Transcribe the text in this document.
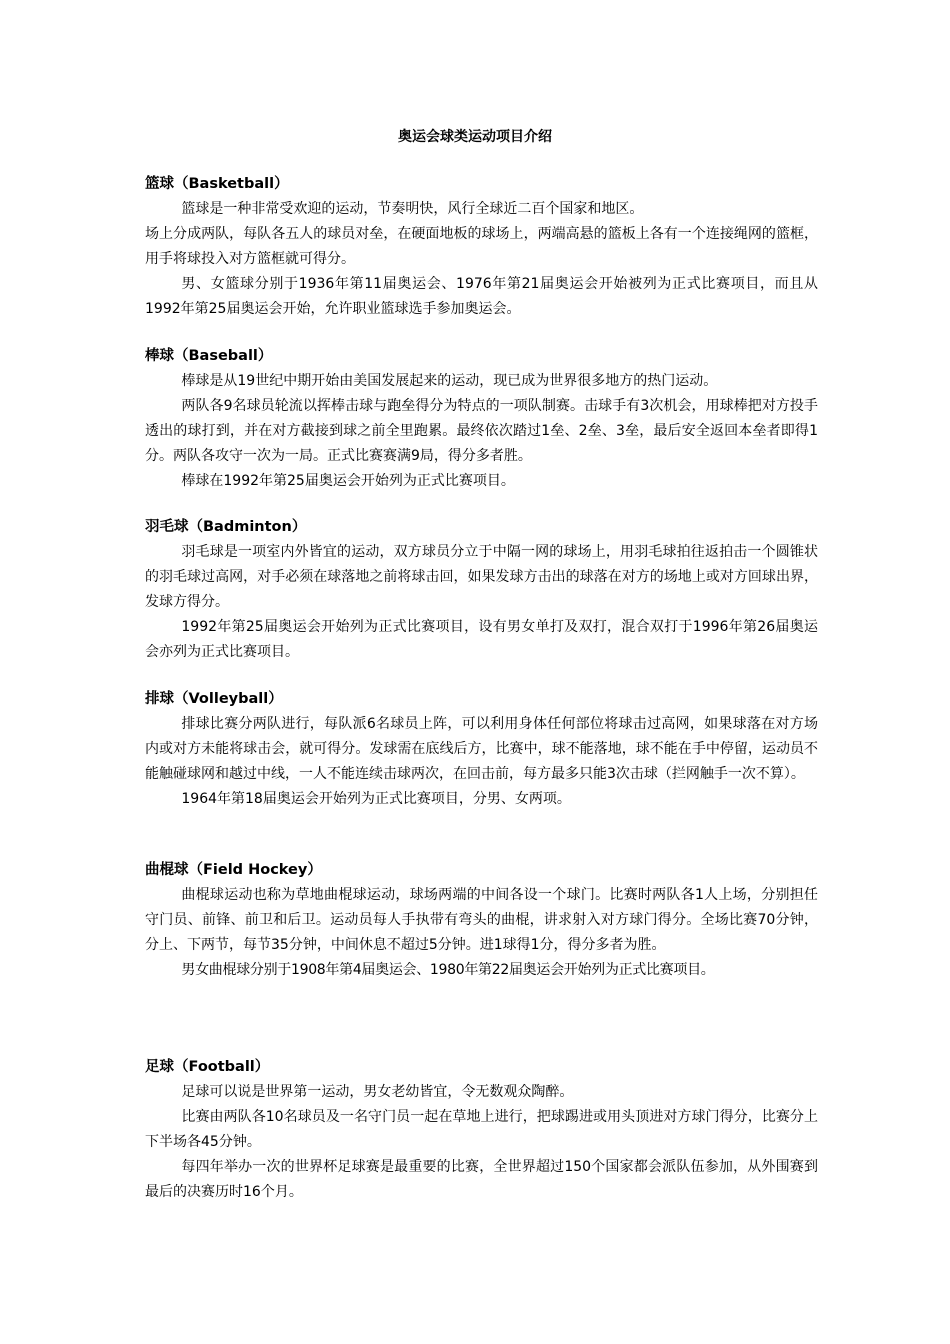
奥运会球类运动项目介绍
篮球（Basketball）

篮球是一种非常受欢迎的运动，节奏明快，风行全球近二百个国家和地区。

场上分成两队，每队各五人的球员对垒，在硬面地板的球场上，两端高悬的篮板上各有一个连接绳网的篮框，用手将球投入对方篮框就可得分。

男、女篮球分别于1936年第11届奥运会、1976年第21届奥运会开始被列为正式比赛项目，而且从1992年第25届奥运会开始，允许职业篮球选手参加奥运会。

棒球（Baseball）

棒球是从19世纪中期开始由美国发展起来的运动，现已成为世界很多地方的热门运动。

两队各9名球员轮流以挥棒击球与跑垒得分为特点的一项队制赛。击球手有3次机会，用球棒把对方投手透出的球打到，并在对方截接到球之前全里跑累。最终依次踏过1垒、2垒、3垒，最后安全返回本垒者即得1分。两队各攻守一次为一局。正式比赛赛满9局，得分多者胜。

棒球在1992年第25届奥运会开始列为正式比赛项目。

羽毛球（Badminton）

羽毛球是一项室内外皆宜的运动，双方球员分立于中隔一网的球场上，用羽毛球拍往返拍击一个圆锥状的羽毛球过高网，对手必须在球落地之前将球击回，如果发球方击出的球落在对方的场地上或对方回球出界，发球方得分。

1992年第25届奥运会开始列为正式比赛项目，设有男女单打及双打，混合双打于1996年第26届奥运会亦列为正式比赛项目。

排球（Volleyball）

排球比赛分两队进行，每队派6名球员上阵，可以利用身体任何部位将球击过高网，如果球落在对方场内或对方未能将球击会，就可得分。发球需在底线后方，比赛中，球不能落地，球不能在手中停留，运动员不能触碰球网和越过中线，一人不能连续击球两次，在回击前，每方最多只能3次击球（拦网触手一次不算）。

1964年第18届奥运会开始列为正式比赛项目，分男、女两项。

曲棍球（Field Hockey）

曲棍球运动也称为草地曲棍球运动，球场两端的中间各设一个球门。比赛时两队各1人上场，分别担任守门员、前锋、前卫和后卫。运动员每人手执带有弯头的曲棍，讲求射入对方球门得分。全场比赛70分钟，分上、下两节，每节35分钟，中间休息不超过5分钟。进1球得1分，得分多者为胜。

男女曲棍球分别于1908年第4届奥运会、1980年第22届奥运会开始列为正式比赛项目。

足球（Football）

足球可以说是世界第一运动，男女老幼皆宜，令无数观众陶醉。

比赛由两队各10名球员及一名守门员一起在草地上进行，把球踢进或用头顶进对方球门得分，比赛分上下半场各45分钟。

每四年举办一次的世界杯足球赛是最重要的比赛，全世界超过150个国家都会派队伍参加，从外围赛到最后的决赛历时16个月。
